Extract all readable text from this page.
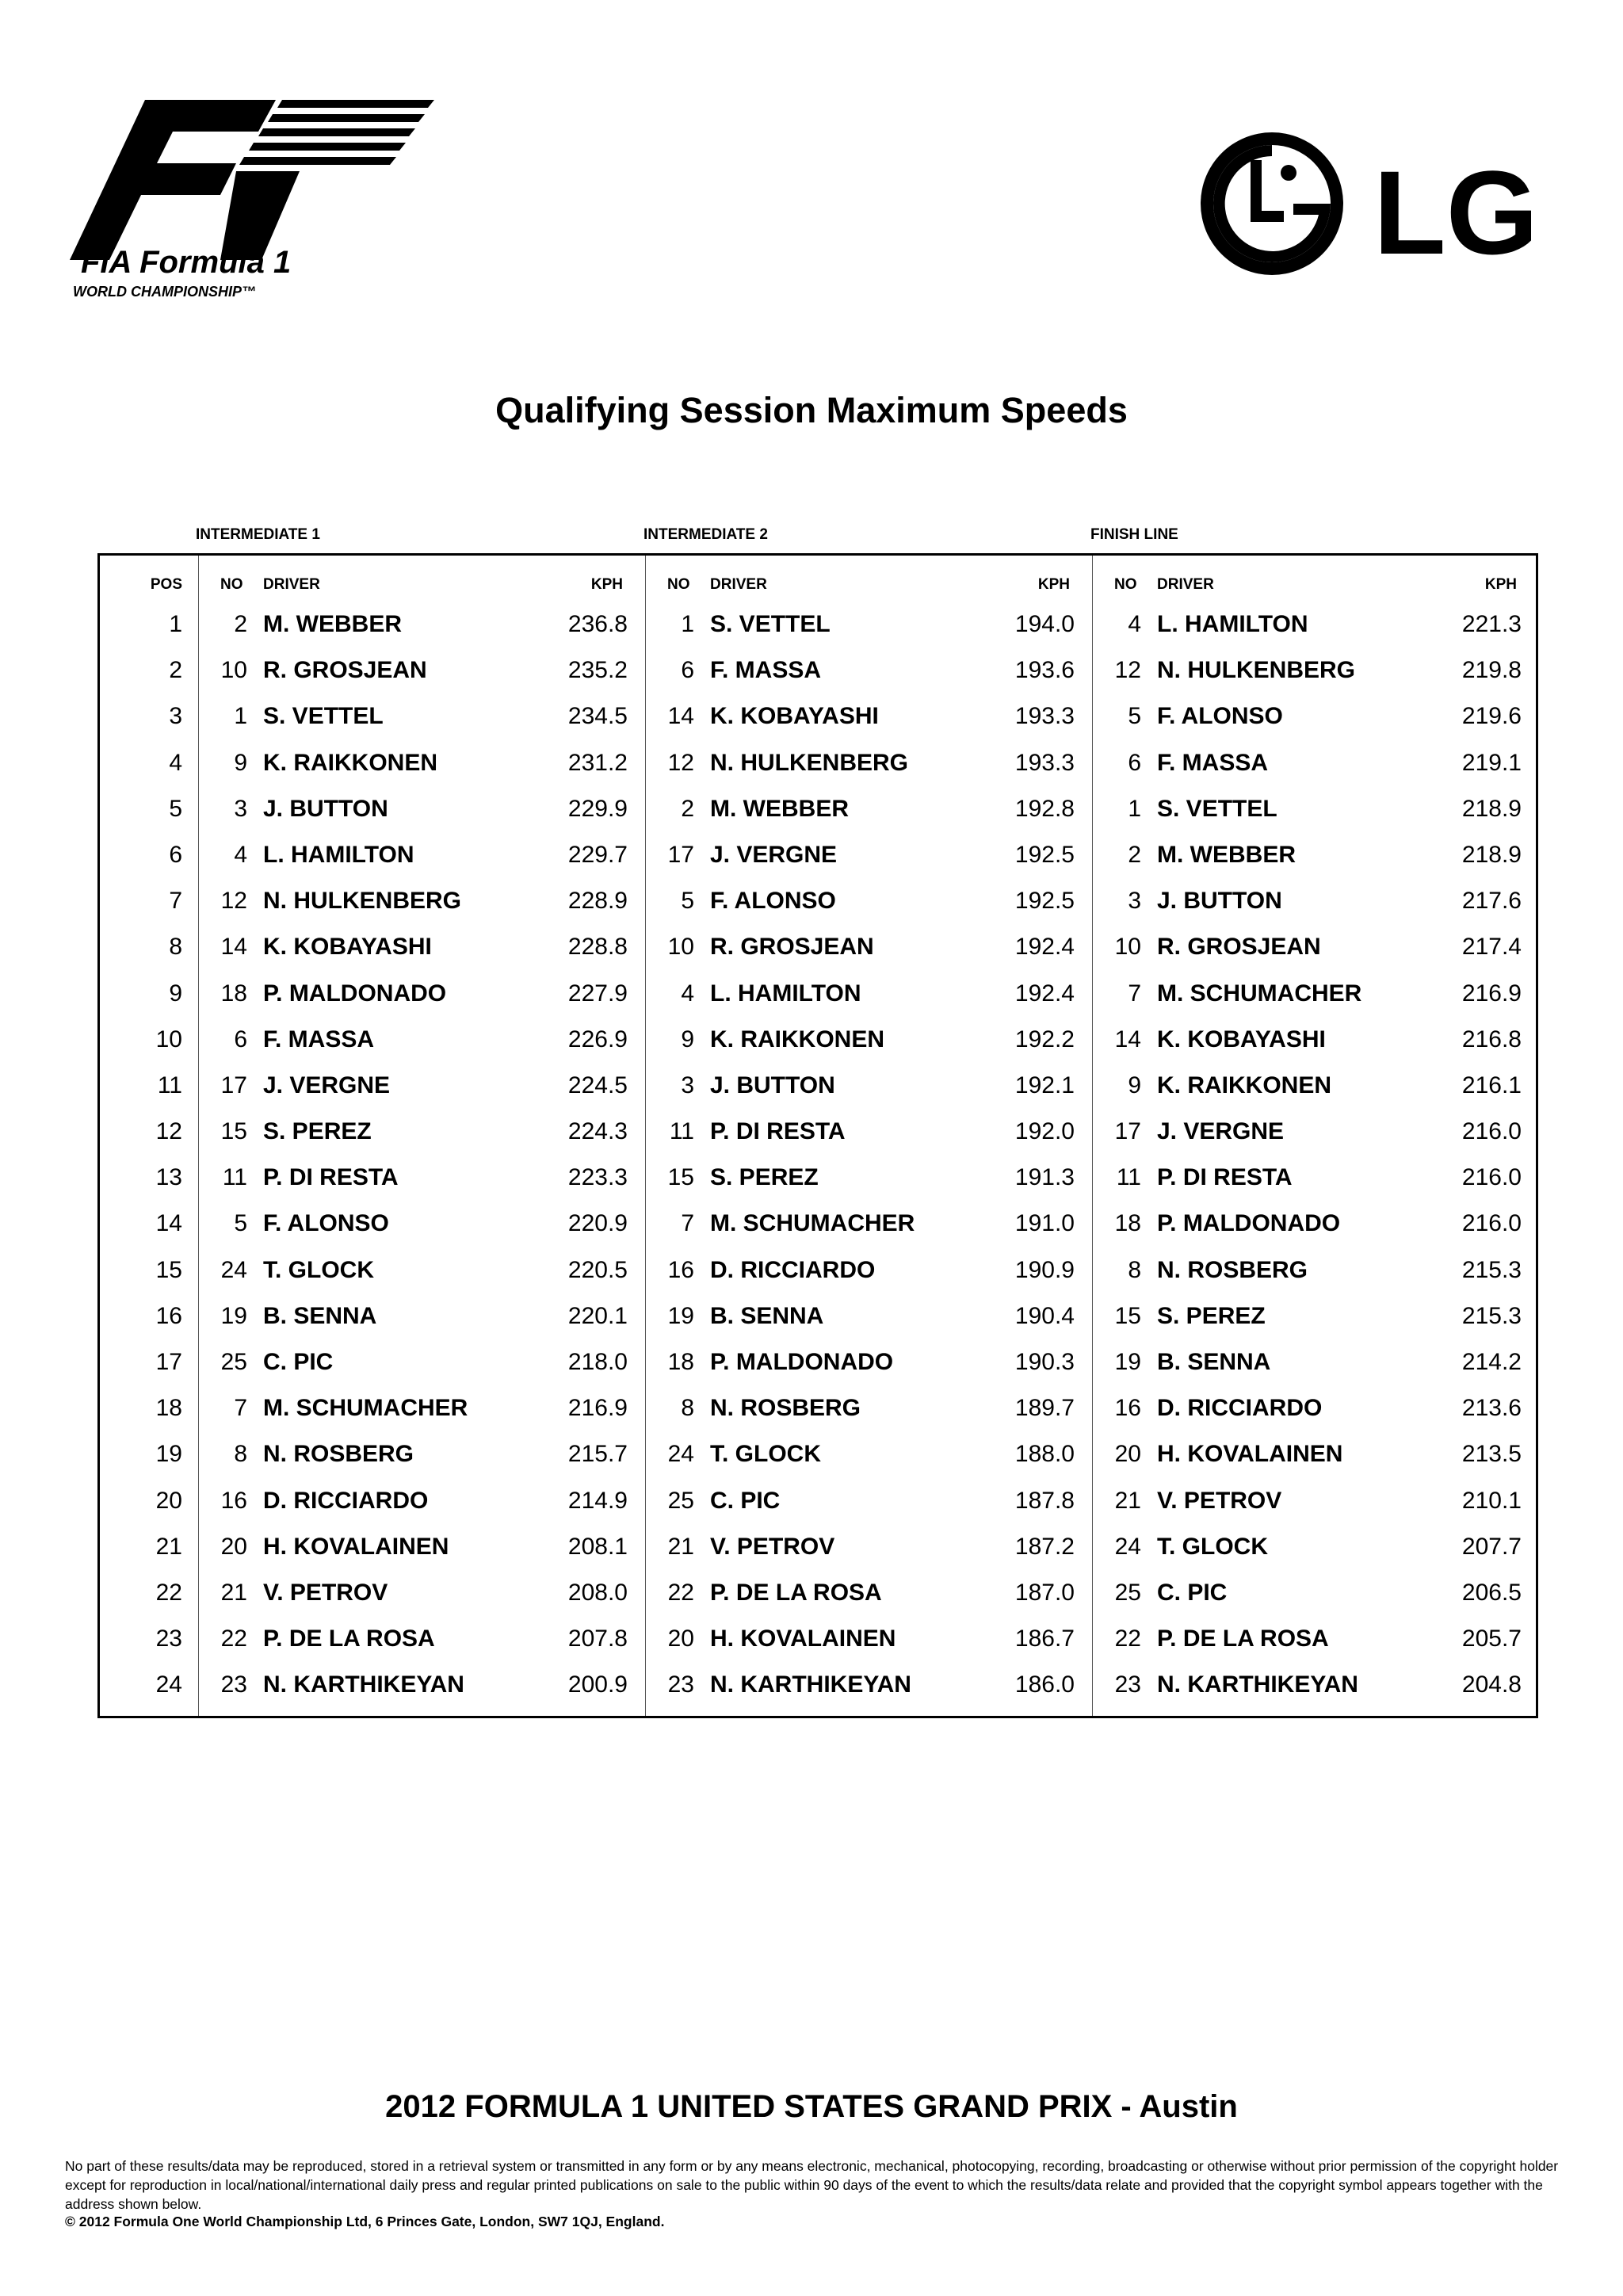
FIA Formula 1
WORLD CHAMPIONSHIP™
LG
Qualifying Session Maximum Speeds
INTERMEDIATE 1	INTERMEDIATE 2	FINISH LINE
POS	NO DRIVER	KPH	NO DRIVER	KPH	NO DRIVER	KPH
1	2 M. WEBBER	236.8	1 S. VETTEL	194.0	4 L. HAMILTON	221.3
2	10 R. GROSJEAN	235.2	6 F. MASSA	193.6	12 N. HULKENBERG	219.8
3	1 S. VETTEL	234.5	14 K. KOBAYASHI	193.3	5 F. ALONSO	219.6
4	9 K. RAIKKONEN	231.2	12 N. HULKENBERG	193.3	6 F. MASSA	219.1
5	3 J. BUTTON	229.9	2 M. WEBBER	192.8	1 S. VETTEL	218.9
6	4 L. HAMILTON	229.7	17 J. VERGNE	192.5	2 M. WEBBER	218.9
7	12 N. HULKENBERG	228.9	5 F. ALONSO	192.5	3 J. BUTTON	217.6
8	14 K. KOBAYASHI	228.8	10 R. GROSJEAN	192.4	10 R. GROSJEAN	217.4
9	18 P. MALDONADO	227.9	4 L. HAMILTON	192.4	7 M. SCHUMACHER	216.9
10	6 F. MASSA	226.9	9 K. RAIKKONEN	192.2	14 K. KOBAYASHI	216.8
11	17 J. VERGNE	224.5	3 J. BUTTON	192.1	9 K. RAIKKONEN	216.1
12	15 S. PEREZ	224.3	11 P. DI RESTA	192.0	17 J. VERGNE	216.0
13	11 P. DI RESTA	223.3	15 S. PEREZ	191.3	11 P. DI RESTA	216.0
14	5 F. ALONSO	220.9	7 M. SCHUMACHER	191.0	18 P. MALDONADO	216.0
15	24 T. GLOCK	220.5	16 D. RICCIARDO	190.9	8 N. ROSBERG	215.3
16	19 B. SENNA	220.1	19 B. SENNA	190.4	15 S. PEREZ	215.3
17	25 C. PIC	218.0	18 P. MALDONADO	190.3	19 B. SENNA	214.2
18	7 M. SCHUMACHER	216.9	8 N. ROSBERG	189.7	16 D. RICCIARDO	213.6
19	8 N. ROSBERG	215.7	24 T. GLOCK	188.0	20 H. KOVALAINEN	213.5
20	16 D. RICCIARDO	214.9	25 C. PIC	187.8	21 V. PETROV	210.1
21	20 H. KOVALAINEN	208.1	21 V. PETROV	187.2	24 T. GLOCK	207.7
22	21 V. PETROV	208.0	22 P. DE LA ROSA	187.0	25 C. PIC	206.5
23	22 P. DE LA ROSA	207.8	20 H. KOVALAINEN	186.7	22 P. DE LA ROSA	205.7
24	23 N. KARTHIKEYAN	200.9	23 N. KARTHIKEYAN	186.0	23 N. KARTHIKEYAN	204.8
2012 FORMULA 1 UNITED STATES GRAND PRIX - Austin
No part of these results/data may be reproduced, stored in a retrieval system or transmitted in any form or by any means electronic, mechanical, photocopying, recording, broadcasting or otherwise without prior permission of the copyright holder except for reproduction in local/national/international daily press and regular printed publications on sale to the public within 90 days of the event to which the results/data relate and provided that the copyright symbol appears together with the address shown below.
© 2012 Formula One World Championship Ltd, 6 Princes Gate, London, SW7 1QJ, England.
